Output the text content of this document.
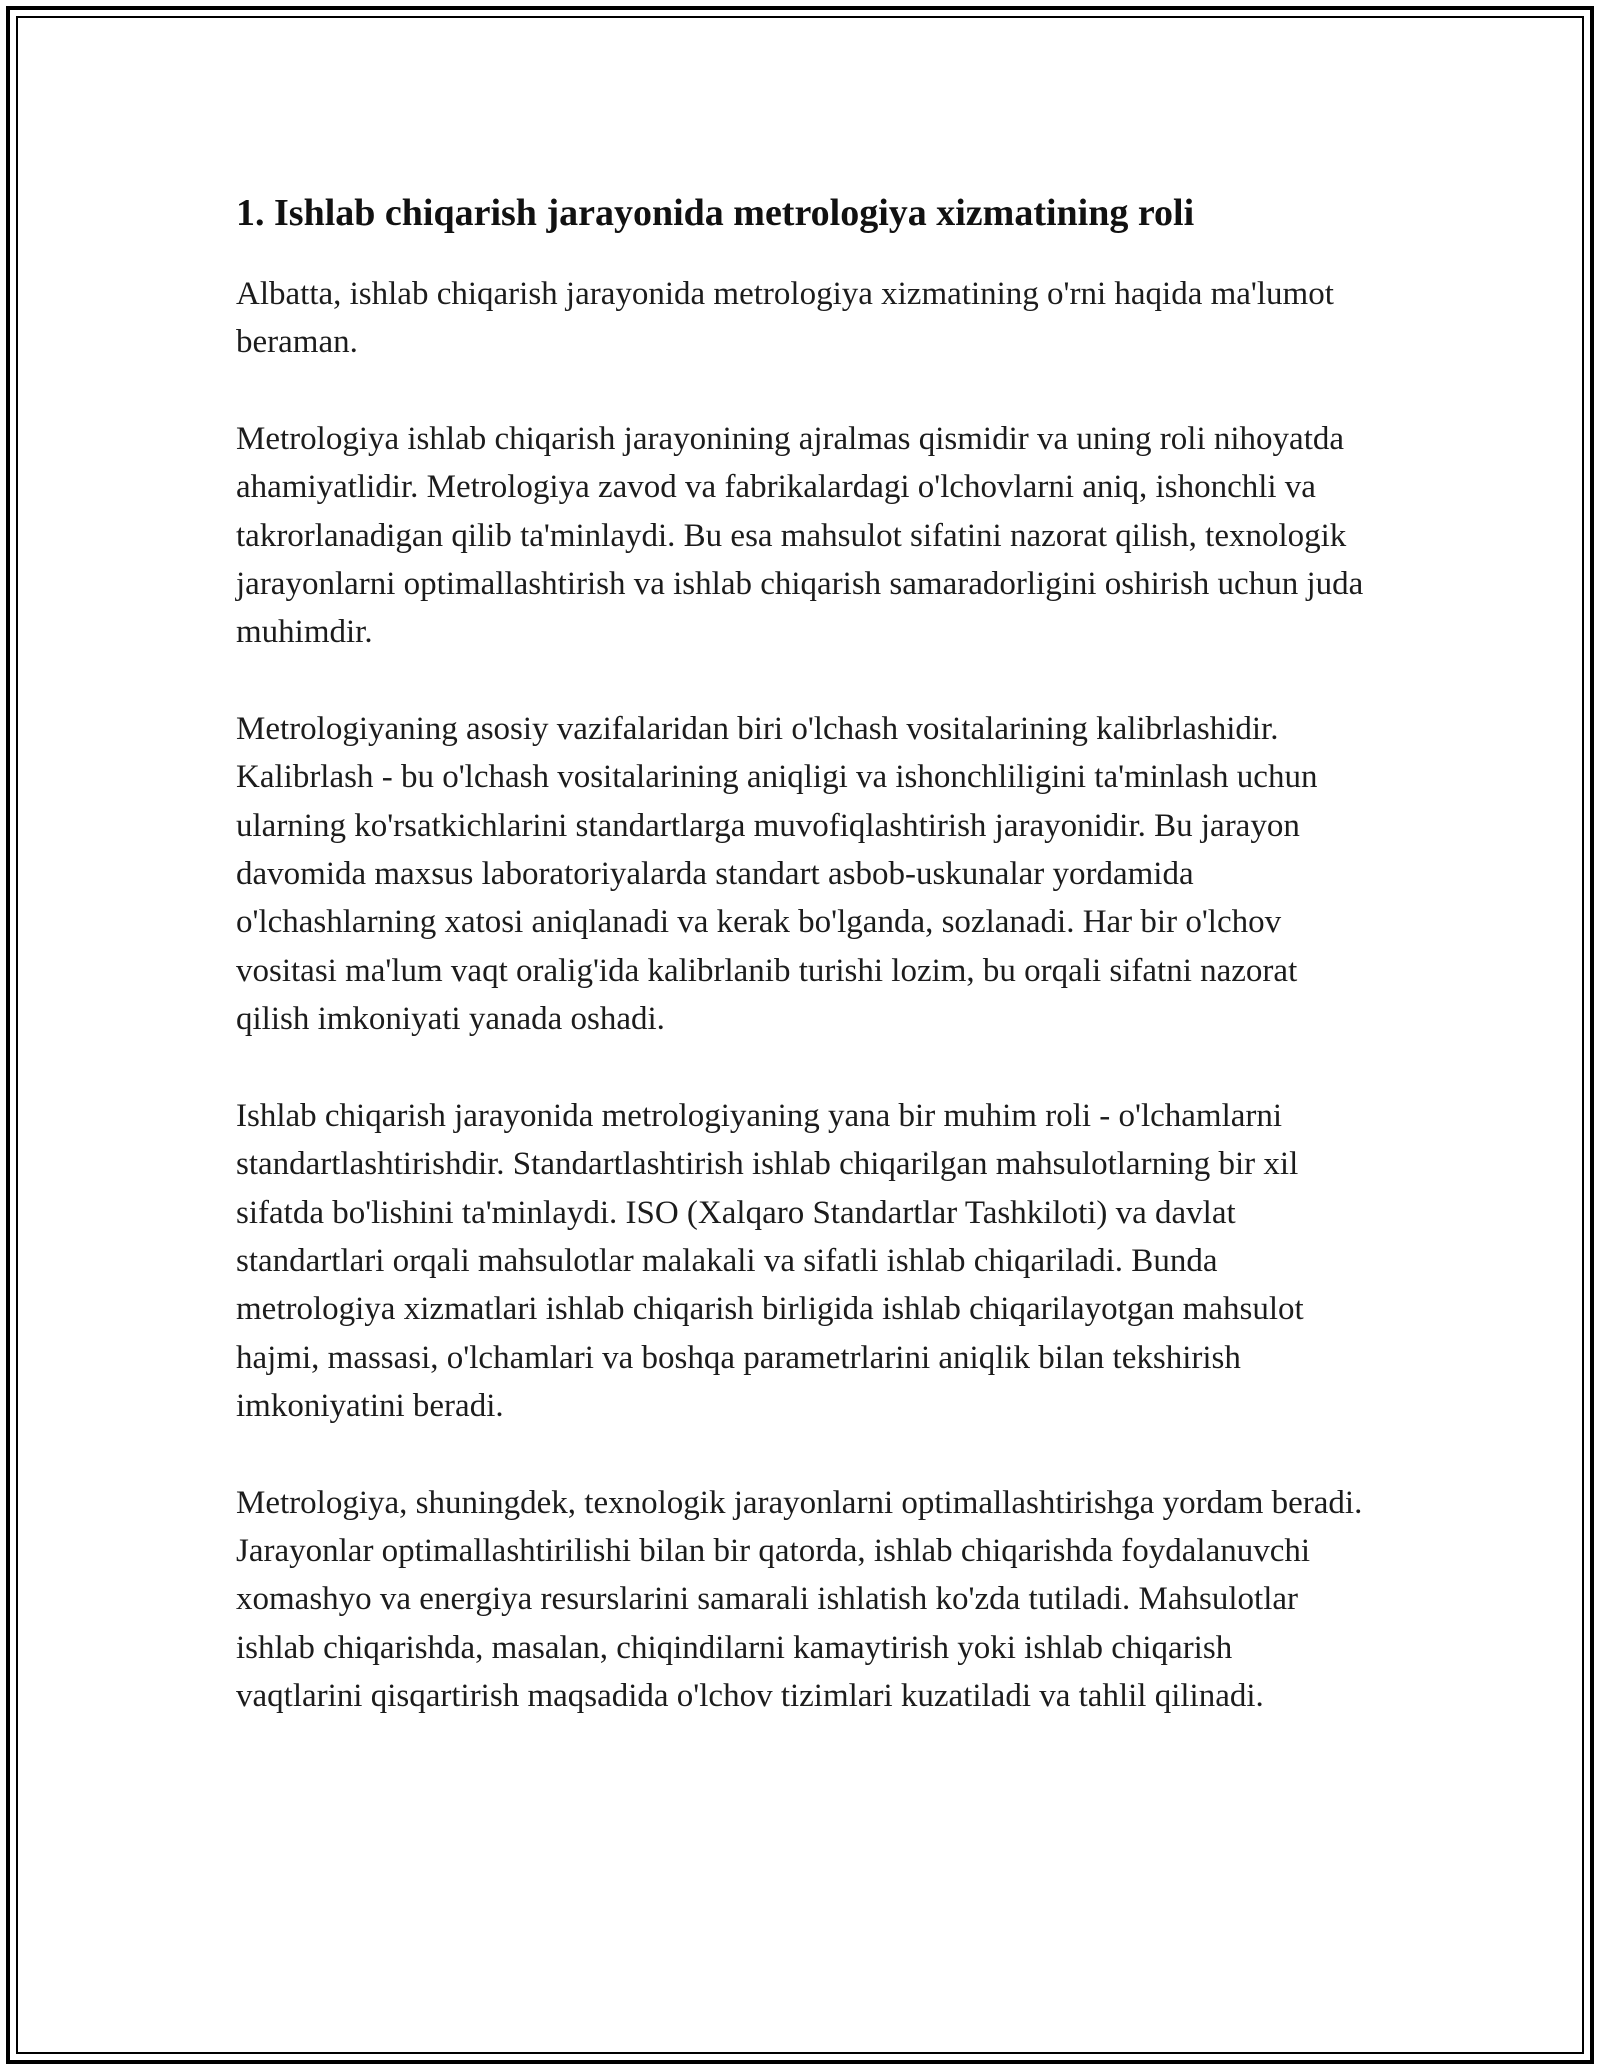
1. Ishlab chiqarish jarayonida metrologiya xizmatining roli

Albatta, ishlab chiqarish jarayonida metrologiya xizmatining o'rni haqida ma'lumot beraman.

Metrologiya ishlab chiqarish jarayonining ajralmas qismidir va uning roli nihoyatda ahamiyatlidir. Metrologiya zavod va fabrikalardagi o'lchovlarni aniq, ishonchli va takrorlanadigan qilib ta'minlaydi. Bu esa mahsulot sifatini nazorat qilish, texnologik jarayonlarni optimallashtirish va ishlab chiqarish samaradorligini oshirish uchun juda muhimdir.

Metrologiyaning asosiy vazifalaridan biri o'lchash vositalarining kalibrlashidir. Kalibrlash - bu o'lchash vositalarining aniqligi va ishonchliligini ta'minlash uchun ularning ko'rsatkichlarini standartlarga muvofiqlashtirish jarayonidir. Bu jarayon davomida maxsus laboratoriyalarda standart asbob-uskunalar yordamida o'lchashlarning xatosi aniqlanadi va kerak bo'lganda, sozlanadi. Har bir o'lchov vositasi ma'lum vaqt oralig'ida kalibrlanib turishi lozim, bu orqali sifatni nazorat qilish imkoniyati yanada oshadi.

Ishlab chiqarish jarayonida metrologiyaning yana bir muhim roli - o'lchamlarni standartlashtirishdir. Standartlashtirish ishlab chiqarilgan mahsulotlarning bir xil sifatda bo'lishini ta'minlaydi. ISO (Xalqaro Standartlar Tashkiloti) va davlat standartlari orqali mahsulotlar malakali va sifatli ishlab chiqariladi. Bunda metrologiya xizmatlari ishlab chiqarish birligida ishlab chiqarilayotgan mahsulot hajmi, massasi, o'lchamlari va boshqa parametrlarini aniqlik bilan tekshirish imkoniyatini beradi.

Metrologiya, shuningdek, texnologik jarayonlarni optimallashtirishga yordam beradi. Jarayonlar optimallashtirilishi bilan bir qatorda, ishlab chiqarishda foydalanuvchi xomashyo va energiya resurslarini samarali ishlatish ko'zda tutiladi. Mahsulotlar ishlab chiqarishda, masalan, chiqindilarni kamaytirish yoki ishlab chiqarish vaqtlarini qisqartirish maqsadida o'lchov tizimlari kuzatiladi va tahlil qilinadi.
